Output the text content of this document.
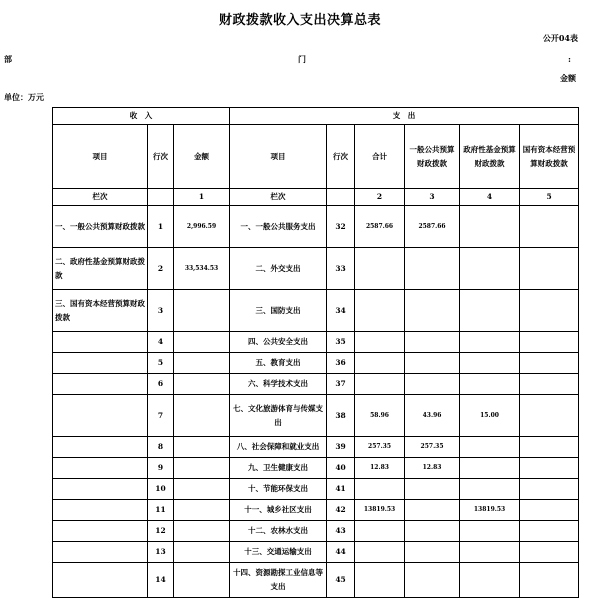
财政拨款收入支出决算总表
公开04表
部	门	:
金额
单位：万元
收　入			支　出					
项目	行次	金额	项目	行次	合计	一般公共预算财政拨款	政府性基金预算财政拨款	国有资本经营预算财政拨款
栏次		1	栏次		2	3	4	5
一、一般公共预算财政拨款	1	2,996.59	一、一般公共服务支出	32	2587.66	2587.66		
二、政府性基金预算财政拨款	2	33,534.53	二、外交支出	33				
三、国有资本经营预算财政拨款	3		三、国防支出	34				
	4		四、公共安全支出	35				
	5		五、教育支出	36				
	6		六、科学技术支出	37				
	7		七、文化旅游体育与传媒支出	38	58.96	43.96	15.00	
	8		八、社会保障和就业支出	39	257.35	257.35		
	9		九、卫生健康支出	40	12.83	12.83		
	10		十、节能环保支出	41				
	11		十一、城乡社区支出	42	13819.53		13819.53	
	12		十二、农林水支出	43				
	13		十三、交通运输支出	44				
	14		十四、资源勘探工业信息等支出	45				
